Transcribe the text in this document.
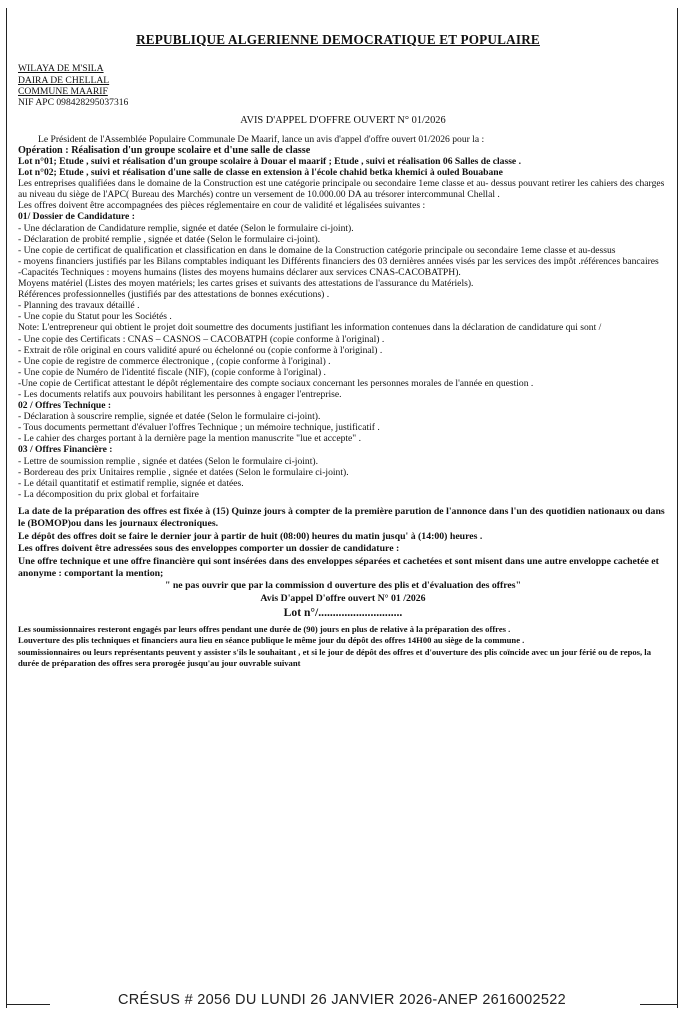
REPUBLIQUE ALGERIENNE DEMOCRATIQUE ET POPULAIRE
WILAYA DE M'SILA
DAIRA DE CHELLAL
COMMUNE MAARIF
NIF APC 098428295037316
AVIS D'APPEL D'OFFRE OUVERT N° 01/2026

Le Président de l'Assemblée Populaire Communale De Maarif, lance un avis d'appel d'offre ouvert 01/2026 pour la :

Opération : Réalisation d'un groupe scolaire et d'une salle de classe

Lot n°01; Etude , suivi et réalisation d'un groupe scolaire à Douar el maarif ; Etude , suivi et réalisation 06 Salles de classe .

Lot n°02; Etude , suivi et réalisation d'une salle de classe en extension à l'école chahid betka khemici à ouled Bouabane

Les entreprises qualifiées dans le domaine de la Construction est une catégorie principale ou secondaire 1eme classe et au- dessus pouvant retirer les cahiers des charges au niveau du siège de l'APC( Bureau des Marchés) contre un versement de 10.000.00 DA au trésorer intercommunal Chellal .

Les offres doivent être accompagnées des pièces réglementaire en cour de validité et légalisées suivantes :

01/ Dossier de Candidature :

- Une déclaration de Candidature remplie, signée et datée (Selon le formulaire ci-joint).

- Déclaration de probité remplie , signée et datée (Selon le formulaire ci-joint).

- Une copie de certificat de qualification et classification en dans le domaine de la Construction catégorie principale ou secondaire 1eme classe et au-dessus

- moyens financiers justifiés par les Bilans comptables indiquant les Différents financiers des 03 dernières années visés par les services des impôt .références bancaires

-Capacités Techniques : moyens humains (listes des moyens humains déclarer aux services CNAS-CACOBATPH).

Moyens matériel (Listes des moyen matériels; les cartes grises et suivants des attestations de l'assurance du Matériels).

Références professionnelles (justifiés par des attestations de bonnes exécutions) .

- Planning des travaux détaillé .

- Une copie du Statut pour les Sociétés .

Note: L'entrepreneur qui obtient le projet doit soumettre des documents justifiant les information contenues dans la déclaration de candidature qui sont /

- Une copie des Certificats : CNAS – CASNOS – CACOBATPH (copie conforme à l'original) .

- Extrait de rôle original en cours validité apuré ou échelonné ou (copie conforme à l'original) .

- Une copie de registre de commerce électronique , (copie conforme à l'original) .

- Une copie de Numéro de l'identité fiscale (NIF), (copie conforme à l'original) .

-Une copie de Certificat attestant le dépôt réglementaire des compte sociaux concernant les personnes morales de l'année en question .

- Les documents relatifs aux pouvoirs habilitant les personnes à engager l'entreprise.

02 / Offres Technique :

- Déclaration à souscrire remplie, signée et datée (Selon le formulaire ci-joint).

- Tous documents permettant d'évaluer l'offres Technique ; un mémoire technique, justificatif .

- Le cahier des charges portant à la dernière page la mention manuscrite "lue et accepte" .

03 / Offres Financière :

- Lettre de soumission remplie , signée et datées (Selon le formulaire ci-joint).

- Bordereau des prix Unitaires remplie , signée et datées (Selon le formulaire ci-joint).

- Le détail quantitatif et estimatif remplie, signée et datées.

- La décomposition du prix global et forfaitaire

La date de la préparation des offres est fixée à (15) Quinze jours à compter de la première parution de l'annonce dans l'un des quotidien nationaux ou dans le (BOMOP)ou dans les journaux électroniques.

Le dépôt des offres doit se faire le dernier jour à partir de huit (08:00) heures du matin jusqu' à (14:00) heures .

Les offres doivent être adressées sous des enveloppes comporter un dossier de candidature :

Une offre technique et une offre financière qui sont insérées dans des enveloppes séparées et cachetées et sont misent dans une autre enveloppe cachetée et anonyme : comportant la mention;

" ne pas ouvrir que par la commission d ouverture des plis et d'évaluation des offres"

Avis D'appel D'offre ouvert N° 01 /2026

Lot n°/.............................

Les soumissionnaires resteront engagés par leurs offres pendant une durée de (90) jours en plus de relative à la préparation des offres .

Louverture des plis techniques et financiers aura lieu en séance publique le même jour du dépôt des offres 14H00 au siège de la commune .

soumissionnaires ou leurs représentants peuvent y assister s'ils le souhaitant , et si le jour de dépôt des offres et d'ouverture des plis coïncide avec un jour férié ou de repos, la durée de préparation des offres sera prorogée jusqu'au jour ouvrable suivant

CRÉSUS # 2056 DU LUNDI 26 JANVIER 2026-ANEP 2616002522
